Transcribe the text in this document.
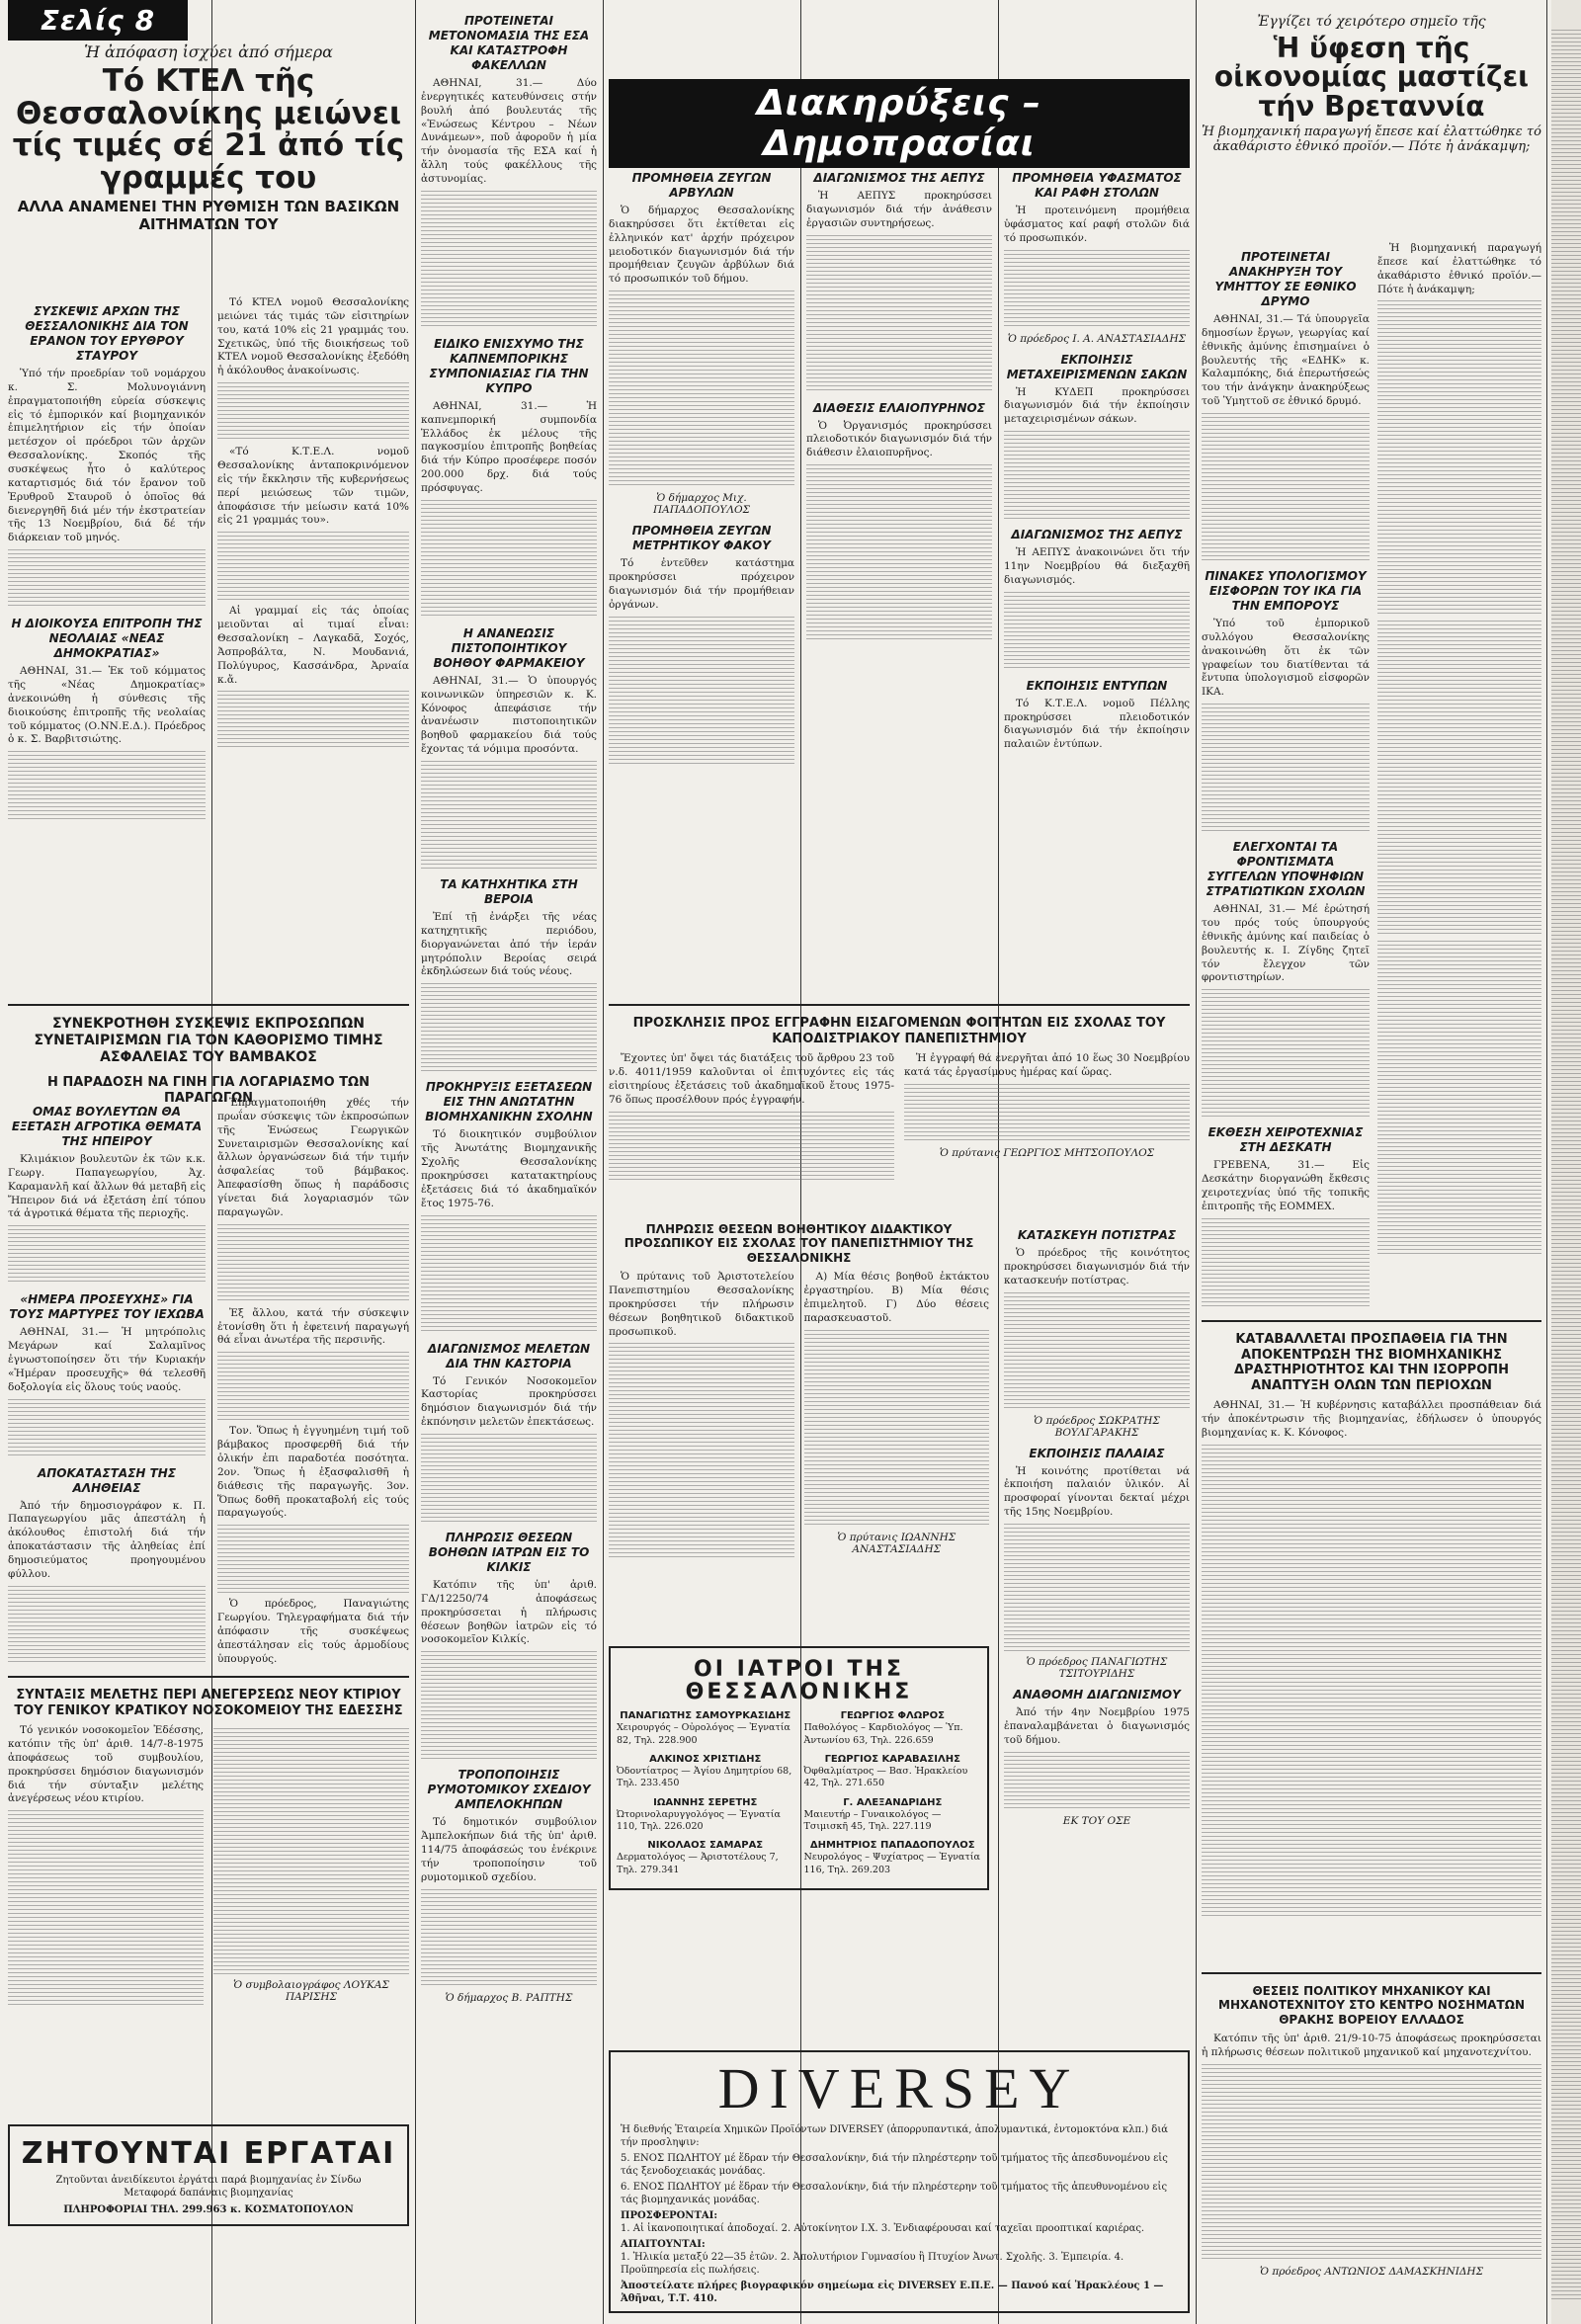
Σελίς 8
Ἡ ἀπόφαση ἰσχύει ἀπό σήμερα
Τό ΚΤΕΛ τῆς Θεσσαλονίκης μειώνει τίς τιμές σέ 21 ἀπό τίς γραμμές του
ΑΛΛΑ ΑΝΑΜΕΝΕΙ ΤΗΝ ΡΥΘΜΙΣΗ ΤΩΝ ΒΑΣΙΚΩΝ ΑΙΤΗΜΑΤΩΝ ΤΟΥ
ΣΥΣΚΕΨΙΣ ΑΡΧΩΝ ΤΗΣ ΘΕΣΣΑΛΟΝΙΚΗΣ ΔΙΑ ΤΟΝ ΕΡΑΝΟΝ ΤΟΥ ΕΡΥΘΡΟΥ ΣΤΑΥΡΟΥ

Ὑπό τήν προεδρίαν τοῦ νομάρχου κ. Σ. Μολυνογιάννη ἐπραγματοποιήθη εὐρεία σύσκεψις εἰς τό ἐμπορικόν καί βιομηχανικόν ἐπιμελητήριον εἰς τήν ὁποίαν μετέσχον οἱ πρόεδροι τῶν ἀρχῶν Θεσσαλονίκης. Σκοπός τῆς συσκέψεως ἦτο ὁ καλύτερος καταρτισμός διά τόν ἔρανον τοῦ Ἐρυθροῦ Σταυροῦ ὁ ὁποῖος θά διενεργηθῆ διά μέν τήν ἐκστρατείαν τῆς 13 Νοεμβρίου, διά δέ τήν διάρκειαν τοῦ μηνός.

Η ΔΙΟΙΚΟΥΣΑ ΕΠΙΤΡΟΠΗ ΤΗΣ ΝΕΟΛΑΙΑΣ «ΝΕΑΣ ΔΗΜΟΚΡΑΤΙΑΣ»

ΑΘΗΝΑΙ, 31.— Ἐκ τοῦ κόμματος τῆς «Νέας Δημοκρατίας» ἀνεκοινώθη ἡ σύνθεσις τῆς διοικούσης ἐπιτροπῆς τῆς νεολαίας τοῦ κόμματος (Ο.ΝΝ.Ε.Δ.). Πρόεδρος ὁ κ. Σ. Βαρβιτσιώτης.

Τό ΚΤΕΛ νομοῦ Θεσσαλονίκης μειώνει τάς τιμάς τῶν εἰσιτηρίων του, κατά 10% εἰς 21 γραμμάς του. Σχετικῶς, ὑπό τῆς διοικήσεως τοῦ ΚΤΕΛ νομοῦ Θεσσαλονίκης ἐξεδόθη ἡ ἀκόλουθος ἀνακοίνωσις.

«Τό Κ.Τ.Ε.Λ. νομοῦ Θεσσαλονίκης ἀνταποκρινόμενον εἰς τήν ἔκκλησιν τῆς κυβερνήσεως περί μειώσεως τῶν τιμῶν, ἀποφάσισε τήν μείωσιν κατά 10% εἰς 21 γραμμάς του».

Αἱ γραμμαί εἰς τάς ὁποίας μειοῦνται αἱ τιμαί εἶναι: Θεσσαλονίκη – Λαγκαδᾶ, Σοχός, Ἀσπροβάλτα, Ν. Μουδανιά, Πολύγυρος, Κασσάνδρα, Ἀρναία κ.ἄ.

ΣΥΝΕΚΡΟΤΗΘΗ ΣΥΣΚΕΨΙΣ ΕΚΠΡΟΣΩΠΩΝ ΣΥΝΕΤΑΙΡΙΣΜΩΝ ΓΙΑ ΤΟΝ ΚΑΘΟΡΙΣΜΟ ΤΙΜΗΣ ΑΣΦΑΛΕΙΑΣ ΤΟΥ ΒΑΜΒΑΚΟΣ
Η ΠΑΡΑΔΟΣΗ ΝΑ ΓΙΝΗ ΓΙΑ ΛΟΓΑΡΙΑΣΜΟ ΤΩΝ ΠΑΡΑΓΩΓΩΝ
ΟΜΑΣ ΒΟΥΛΕΥΤΩΝ ΘΑ ΕΞΕΤΑΣΗ ΑΓΡΟΤΙΚΑ ΘΕΜΑΤΑ ΤΗΣ ΗΠΕΙΡΟΥ

Κλιμάκιον βουλευτῶν ἐκ τῶν κ.κ. Γεωργ. Παπαγεωργίου, Ἀχ. Καραμανλῆ καί ἄλλων θά μεταβῆ εἰς Ἤπειρον διά νά ἐξετάση ἐπί τόπου τά ἀγροτικά θέματα τῆς περιοχῆς.

«ΗΜΕΡΑ ΠΡΟΣΕΥΧΗΣ» ΓΙΑ ΤΟΥΣ ΜΑΡΤΥΡΕΣ ΤΟΥ ΙΕΧΩΒΑ

ΑΘΗΝΑΙ, 31.— Ἡ μητρόπολις Μεγάρων καί Σαλαμῖνος ἐγνωστοποίησεν ὅτι τήν Κυριακήν «Ἡμέραν προσευχῆς» θά τελεσθῆ δοξολογία εἰς ὅλους τούς ναούς.

ΑΠΟΚΑΤΑΣΤΑΣΗ ΤΗΣ ΑΛΗΘΕΙΑΣ

Ἀπό τήν δημοσιογράφον κ. Π. Παπαγεωργίου μᾶς ἀπεστάλη ἡ ἀκόλουθος ἐπιστολή διά τήν ἀποκατάστασιν τῆς ἀληθείας ἐπί δημοσιεύματος προηγουμένου φύλλου.

Ἐπραγματοποιήθη χθές τήν πρωΐαν σύσκεψις τῶν ἐκπροσώπων τῆς Ἑνώσεως Γεωργικῶν Συνεταιρισμῶν Θεσσαλονίκης καί ἄλλων ὀργανώσεων διά τήν τιμήν ἀσφαλείας τοῦ βάμβακος. Ἀπεφασίσθη ὅπως ἡ παράδοσις γίνεται διά λογαριασμόν τῶν παραγωγῶν.

Ἐξ ἄλλου, κατά τήν σύσκεψιν ἐτονίσθη ὅτι ἡ ἐφετεινή παραγωγή θά εἶναι ἀνωτέρα τῆς περσινῆς.

Τον. Ὅπως ἡ ἐγγυημένη τιμή τοῦ βάμβακος προσφερθῆ διά τήν ὁλικήν ἐπι παραδοτέα ποσότητα. 2ον. Ὅπως ἡ ἐξασφαλισθῆ ἡ διάθεσις τῆς παραγωγῆς. 3ον. Ὅπως δοθῆ προκαταβολή εἰς τούς παραγωγούς.

Ὁ πρόεδρος, Παναγιώτης Γεωργίου. Τηλεγραφήματα διά τήν ἀπόφασιν τῆς συσκέψεως ἀπεστάλησαν εἰς τούς ἁρμοδίους ὑπουργούς.

ΣΥΝΤΑΞΙΣ ΜΕΛΕΤΗΣ ΠΕΡΙ ΑΝΕΓΕΡΣΕΩΣ ΝΕΟΥ ΚΤΙΡΙΟΥ ΤΟΥ ΓΕΝΙΚΟΥ ΚΡΑΤΙΚΟΥ ΝΟΣΟΚΟΜΕΙΟΥ ΤΗΣ ΕΔΕΣΣΗΣ

Τό γενικόν νοσοκομεῖον Ἐδέσσης, κατόπιν τῆς ὑπ' ἀριθ. 14/7-8-1975 ἀποφάσεως τοῦ συμβουλίου, προκηρύσσει δημόσιον διαγωνισμόν διά τήν σύνταξιν μελέτης ἀνεγέρσεως νέου κτιρίου.

Ὁ συμβολαιογράφος ΛΟΥΚΑΣ ΠΑΡΙΣΗΣ
ΖΗΤΟΥΝΤΑΙ ΕΡΓΑΤΑΙ
Ζητοῦνται ἀνειδίκευτοι ἐργάται παρά βιομηχανίας ἐν Σίνδω
Μεταφορά δαπάναις βιομηχανίας
ΠΛΗΡΟΦΟΡΙΑΙ ΤΗΛ. 299.963 κ. ΚΟΣΜΑΤΟΠΟΥΛΟΝ
ΠΡΟΤΕΙΝΕΤΑΙ ΜΕΤΟΝΟΜΑΣΙΑ ΤΗΣ ΕΣΑ ΚΑΙ ΚΑΤΑΣΤΡΟΦΗ ΦΑΚΕΛΛΩΝ

ΑΘΗΝΑΙ, 31.— Δύο ἐνεργητικές κατευθύνσεις στήν βουλή ἀπό βουλευτάς τῆς «Ἑνώσεως Κέντρου – Νέων Δυνάμεων», ποῦ ἀφοροῦν ἡ μία τήν ὀνομασία τῆς ΕΣΑ καί ἡ ἄλλη τούς φακέλλους τῆς ἀστυνομίας.

ΕΙΔΙΚΟ ΕΝΙΣΧΥΜΟ ΤΗΣ ΚΑΠΝΕΜΠΟΡΙΚΗΣ ΣΥΜΠΟΝΙΑΣΙΑΣ ΓΙΑ ΤΗΝ ΚΥΠΡΟ

ΑΘΗΝΑΙ, 31.— Ἡ καπνεμπορική συμπονδία Ἑλλάδος ἐκ μέλους τῆς παγκοσμίου ἐπιτροπῆς βοηθείας διά τήν Κύπρο προσέφερε ποσόν 200.000 δρχ. διά τούς πρόσφυγας.

Η ΑΝΑΝΕΩΣΙΣ ΠΙΣΤΟΠΟΙΗΤΙΚΟΥ ΒΟΗΘΟΥ ΦΑΡΜΑΚΕΙΟΥ

ΑΘΗΝΑΙ, 31.— Ὁ ὑπουργός κοινωνικῶν ὑπηρεσιῶν κ. Κ. Κόνοφος ἀπεφάσισε τήν ἀνανέωσιν πιστοποιητικῶν βοηθοῦ φαρμακείου διά τούς ἔχοντας τά νόμιμα προσόντα.

ΤΑ ΚΑΤΗΧΗΤΙΚΑ ΣΤΗ ΒΕΡΟΙΑ

Ἐπί τῇ ἐνάρξει τῆς νέας κατηχητικῆς περιόδου, διοργανώνεται ἀπό τήν ἱεράν μητρόπολιν Βεροίας σειρά ἐκδηλώσεων διά τούς νέους.

ΠΡΟΚΗΡΥΞΙΣ ΕΞΕΤΑΣΕΩΝ ΕΙΣ ΤΗΝ ΑΝΩΤΑΤΗΝ ΒΙΟΜΗΧΑΝΙΚΗΝ ΣΧΟΛΗΝ

Τό διοικητικόν συμβούλιον τῆς Ἀνωτάτης Βιομηχανικῆς Σχολῆς Θεσσαλονίκης προκηρύσσει κατατακτηρίους ἐξετάσεις διά τό ἀκαδημαϊκόν ἔτος 1975-76.

ΔΙΑΓΩΝΙΣΜΟΣ ΜΕΛΕΤΩΝ ΔΙΑ ΤΗΝ ΚΑΣΤΟΡΙΑ

Τό Γενικόν Νοσοκομεῖον Καστορίας προκηρύσσει δημόσιον διαγωνισμόν διά τήν ἐκπόνησιν μελετῶν ἐπεκτάσεως.

ΠΛΗΡΩΣΙΣ ΘΕΣΕΩΝ ΒΟΗΘΩΝ ΙΑΤΡΩΝ ΕΙΣ ΤΟ ΚΙΛΚΙΣ

Κατόπιν τῆς ὑπ' ἀριθ. ΓΔ/12250/74 ἀποφάσεως προκηρύσσεται ἡ πλήρωσις θέσεων βοηθῶν ἰατρῶν εἰς τό νοσοκομεῖον Κιλκίς.

ΤΡΟΠΟΠΟΙΗΣΙΣ ΡΥΜΟΤΟΜΙΚΟΥ ΣΧΕΔΙΟΥ ΑΜΠΕΛΟΚΗΠΩΝ

Τό δημοτικόν συμβούλιον Ἀμπελοκήπων διά τῆς ὑπ' ἀριθ. 114/75 ἀποφάσεώς του ἐνέκρινε τήν τροποποίησιν τοῦ ρυμοτομικοῦ σχεδίου.

Ὁ δήμαρχος Β. ΡΑΠΤΗΣ
Διακηρύξεις – Δημοπρασίαι
ΠΡΟΜΗΘΕΙΑ ΖΕΥΓΩΝ ΑΡΒΥΛΩΝ

Ὁ δήμαρχος Θεσσαλονίκης διακηρύσσει ὅτι ἐκτίθεται εἰς ἐλληνικόν κατ' ἀρχήν πρόχειρον μειοδοτικόν διαγωνισμόν διά τήν προμήθειαν ζευγῶν ἀρβύλων διά τό προσωπικόν τοῦ δήμου.

Ὁ δήμαρχος Μιχ. ΠΑΠΑΔΟΠΟΥΛΟΣ
ΠΡΟΜΗΘΕΙΑ ΖΕΥΓΩΝ ΜΕΤΡΗΤΙΚΟΥ ΦΑΚΟΥ

Τό ἐντεῦθεν κατάστημα προκηρύσσει πρόχειρον διαγωνισμόν διά τήν προμήθειαν ὀργάνων.

ΔΙΑΓΩΝΙΣΜΟΣ ΤΗΣ ΑΕΠΥΣ

Ἡ ΑΕΠΥΣ προκηρύσσει διαγωνισμόν διά τήν ἀνάθεσιν ἐργασιῶν συντηρήσεως.

ΔΙΑΘΕΣΙΣ ΕΛΑΙΟΠΥΡΗΝΟΣ

Ὁ Ὀργανισμός προκηρύσσει πλειοδοτικόν διαγωνισμόν διά τήν διάθεσιν ἐλαιοπυρῆνος.

ΠΡΟΜΗΘΕΙΑ ΥΦΑΣΜΑΤΟΣ ΚΑΙ ΡΑΦΗ ΣΤΟΛΩΝ

Ἡ προτεινόμενη προμήθεια ὑφάσματος καί ραφή στολῶν διά τό προσωπικόν.

Ὁ πρόεδρος Ι. Α. ΑΝΑΣΤΑΣΙΑΔΗΣ
ΕΚΠΟΙΗΣΙΣ ΜΕΤΑΧΕΙΡΙΣΜΕΝΩΝ ΣΑΚΩΝ

Ἡ ΚΥΔΕΠ προκηρύσσει διαγωνισμόν διά τήν ἐκποίησιν μεταχειρισμένων σάκων.

ΔΙΑΓΩΝΙΣΜΟΣ ΤΗΣ ΑΕΠΥΣ

Ἡ ΑΕΠΥΣ ἀνακοινώνει ὅτι τήν 11ην Νοεμβρίου θά διεξαχθῆ διαγωνισμός.

ΕΚΠΟΙΗΣΙΣ ΕΝΤΥΠΩΝ

Τό Κ.Τ.Ε.Λ. νομοῦ Πέλλης προκηρύσσει πλειοδοτικόν διαγωνισμόν διά τήν ἐκποίησιν παλαιῶν ἐντύπων.

ΠΡΟΣΚΛΗΣΙΣ ΠΡΟΣ ΕΓΓΡΑΦΗΝ ΕΙΣΑΓΟΜΕΝΩΝ ΦΟΙΤΗΤΩΝ ΕΙΣ ΣΧΟΛΑΣ ΤΟΥ ΚΑΠΟΔΙΣΤΡΙΑΚΟΥ ΠΑΝΕΠΙΣΤΗΜΙΟΥ

Ἔχοντες ὑπ' ὄψει τάς διατάξεις τοῦ ἄρθρου 23 τοῦ ν.δ. 4011/1959 καλοῦνται οἱ ἐπιτυχόντες εἰς τάς εἰσιτηρίους ἐξετάσεις τοῦ ἀκαδημαϊκοῦ ἔτους 1975-76 ὅπως προσέλθουν πρός ἐγγραφήν.

Ἡ ἐγγραφή θά ἐνεργῆται ἀπό 10 ἕως 30 Νοεμβρίου κατά τάς ἐργασίμους ἡμέρας καί ὥρας.

Ὁ πρύτανις ΓΕΩΡΓΙΟΣ ΜΗΤΣΟΠΟΥΛΟΣ
ΠΛΗΡΩΣΙΣ ΘΕΣΕΩΝ ΒΟΗΘΗΤΙΚΟΥ ΔΙΔΑΚΤΙΚΟΥ ΠΡΟΣΩΠΙΚΟΥ ΕΙΣ ΣΧΟΛΑΣ ΤΟΥ ΠΑΝΕΠΙΣΤΗΜΙΟΥ ΤΗΣ ΘΕΣΣΑΛΟΝΙΚΗΣ

Ὁ πρύτανις τοῦ Ἀριστοτελείου Πανεπιστημίου Θεσσαλονίκης προκηρύσσει τήν πλήρωσιν θέσεων βοηθητικοῦ διδακτικοῦ προσωπικοῦ.

Α) Μία θέσις βοηθοῦ ἐκτάκτου ἐργαστηρίου. Β) Μία θέσις ἐπιμελητοῦ. Γ) Δύο θέσεις παρασκευαστοῦ.

Ὁ πρύτανις ΙΩΑΝΝΗΣ ΑΝΑΣΤΑΣΙΑΔΗΣ
ΚΑΤΑΣΚΕΥΗ ΠΟΤΙΣΤΡΑΣ

Ὁ πρόεδρος τῆς κοινότητος προκηρύσσει διαγωνισμόν διά τήν κατασκευήν ποτίστρας.

Ὁ πρόεδρος ΣΩΚΡΑΤΗΣ ΒΟΥΛΓΑΡΑΚΗΣ
ΕΚΠΟΙΗΣΙΣ ΠΑΛΑΙΑΣ

Ἡ κοινότης προτίθεται νά ἐκποιήση παλαιόν ὑλικόν. Αἱ προσφοραί γίνονται δεκταί μέχρι τῆς 15ης Νοεμβρίου.

Ὁ πρόεδρος ΠΑΝΑΓΙΩΤΗΣ ΤΣΙΤΟΥΡΙΔΗΣ
ΑΝΑΘΟΜΗ ΔΙΑΓΩΝΙΣΜΟΥ

Ἀπό τήν 4ην Νοεμβρίου 1975 ἐπαναλαμβάνεται ὁ διαγωνισμός τοῦ δήμου.

ΕΚ ΤΟΥ ΟΣΕ
ΟΙ ΙΑΤΡΟΙ ΤΗΣ ΘΕΣΣΑΛΟΝΙΚΗΣ
ΠΑΝΑΓΙΩΤΗΣ ΣΑΜΟΥΡΚΑΣΙΔΗΣ
Χειρουργός – Οὐρολόγος — Ἐγνατία 82, Τηλ. 228.900
ΑΛΚΙΝΟΣ ΧΡΙΣΤΙΔΗΣ
Ὀδοντίατρος — Ἀγίου Δημητρίου 68, Τηλ. 233.450
ΙΩΑΝΝΗΣ ΣΕΡΕΤΗΣ
Ὠτορινολαρυγγολόγος — Ἐγνατία 110, Τηλ. 226.020
ΝΙΚΟΛΑΟΣ ΣΑΜΑΡΑΣ
Δερματολόγος — Ἀριστοτέλους 7, Τηλ. 279.341
ΓΕΩΡΓΙΟΣ ΦΛΩΡΟΣ
Παθολόγος – Καρδιολόγος — Ὑπ. Ἀντωνίου 63, Τηλ. 226.659
ΓΕΩΡΓΙΟΣ ΚΑΡΑΒΑΣΙΛΗΣ
Ὀφθαλμίατρος — Βασ. Ἡρακλείου 42, Τηλ. 271.650
Γ. ΑΛΕΞΑΝΔΡΙΔΗΣ
Μαιευτήρ – Γυναικολόγος — Τσιμισκῆ 45, Τηλ. 227.119
ΔΗΜΗΤΡΙΟΣ ΠΑΠΑΔΟΠΟΥΛΟΣ
Νευρολόγος – Ψυχίατρος — Ἐγνατία 116, Τηλ. 269.203
DIVERSEY
Ἡ διεθνής Ἑταιρεία Χημικῶν Προϊόντων DIVERSEY (ἀπορρυπαντικά, ἀπολυμαντικά, ἐντομοκτόνα κλπ.) διά τήν προσληψιν:
5. ΕΝΟΣ ΠΩΛΗΤΟΥ μέ ἕδραν τήν Θεσσαλονίκην, διά τήν πληρέστερην τοῦ τμήματος τῆς ἀπεσδυνομένου εἰς τάς ξενοδοχειακάς μονάδας.
6. ΕΝΟΣ ΠΩΛΗΤΟΥ μέ ἕδραν τήν Θεσσαλονίκην, διά τήν πληρέστερην τοῦ τμήματος τῆς ἀπευθυνομένου εἰς τάς βιομηχανικάς μονάδας.
ΠΡΟΣΦΕΡΟΝΤΑΙ:
1. Αἱ ἱκανοποιητικαί ἀποδοχαί. 2. Αὐτοκίνητον Ι.Χ. 3. Ἐνδιαφέρουσαι καί ταχεῖαι προοπτικαί καριέρας.
ΑΠΑΙΤΟΥΝΤΑΙ:
1. Ἡλικία μεταξύ 22—35 ἐτῶν. 2. Ἀπολυτήριον Γυμνασίου ἢ Πτυχίον Ἀνωτ. Σχολῆς. 3. Ἐμπειρία. 4. Προϋπηρεσία εἰς πωλήσεις.
Ἀποστείλατε πλήρες βιογραφικόν σημείωμα εἰς DIVERSEY Ε.Π.Ε. — Πανού καί Ἡρακλέους 1 — Ἀθῆναι, Τ.Τ. 410.
Ἐγγίζει τό χειρότερο σημεῖο τῆς
Ἡ ὕφεση τῆς οἰκονομίας μαστίζει τήν Βρεταννία
Ἡ βιομηχανική παραγωγή ἔπεσε καί ἐλαττώθηκε τό ἀκαθάριστο ἐθνικό προϊόν.— Πότε ἡ ἀνάκαμψη;
ΠΡΟΤΕΙΝΕΤΑΙ ΑΝΑΚΗΡΥΞΗ ΤΟΥ ΥΜΗΤΤΟΥ ΣΕ ΕΘΝΙΚΟ ΔΡΥΜΟ

ΑΘΗΝΑΙ, 31.— Τά ὑπουργεῖα δημοσίων ἔργων, γεωργίας καί ἐθνικῆς ἀμύνης ἐπισημαίνει ὁ βουλευτής τῆς «ΕΔΗΚ» κ. Καλαμπόκης, διά ἐπερωτήσεώς του τήν ἀνάγκην ἀνακηρύξεως τοῦ Ὑμηττοῦ σε ἐθνικό δρυμό.

ΠΙΝΑΚΕΣ ΥΠΟΛΟΓΙΣΜΟΥ ΕΙΣΦΟΡΩΝ ΤΟΥ ΙΚΑ ΓΙΑ ΤΗΝ ΕΜΠΟΡΟΥΣ

Ὑπό τοῦ ἐμπορικοῦ συλλόγου Θεσσαλονίκης ἀνακοινώθη ὅτι ἐκ τῶν γραφείων του διατίθενται τά ἔντυπα ὑπολογισμοῦ εἰσφορῶν ΙΚΑ.

ΕΛΕΓΧΟΝΤΑΙ ΤΑ ΦΡΟΝΤΙΣΜΑΤΑ ΣΥΓΓΕΛΩΝ ΥΠΟΨΗΦΙΩΝ ΣΤΡΑΤΙΩΤΙΚΩΝ ΣΧΟΛΩΝ

ΑΘΗΝΑΙ, 31.— Μέ ἐρώτησή του πρός τούς ὑπουργούς ἐθνικῆς ἀμύνης καί παιδείας ὁ βουλευτής κ. Ι. Ζίγδης ζητεῖ τόν ἔλεγχον τῶν φροντιστηρίων.

ΕΚΘΕΣΗ ΧΕΙΡΟΤΕΧΝΙΑΣ ΣΤΗ ΔΕΣΚΑΤΗ

ΓΡΕΒΕΝΑ, 31.— Εἰς Δεσκάτην διοργανώθη ἔκθεσις χειροτεχνίας ὑπό τῆς τοπικῆς ἐπιτροπῆς τῆς ΕΟΜΜΕΧ.

Ἡ βιομηχανική παραγωγή ἔπεσε καί ἐλαττώθηκε τό ἀκαθάριστο ἐθνικό προϊόν.— Πότε ἡ ἀνάκαμψη;

ΚΑΤΑΒΑΛΛΕΤΑΙ ΠΡΟΣΠΑΘΕΙΑ ΓΙΑ ΤΗΝ ΑΠΟΚΕΝΤΡΩΣΗ ΤΗΣ ΒΙΟΜΗΧΑΝΙΚΗΣ ΔΡΑΣΤΗΡΙΟΤΗΤΟΣ ΚΑΙ ΤΗΝ ΙΣΟΡΡΟΠΗ ΑΝΑΠΤΥΞΗ ΟΛΩΝ ΤΩΝ ΠΕΡΙΟΧΩΝ

ΑΘΗΝΑΙ, 31.— Ἡ κυβέρνησις καταβάλλει προσπάθειαν διά τήν ἀποκέντρωσιν τῆς βιομηχανίας, ἐδήλωσεν ὁ ὑπουργός βιομηχανίας κ. Κ. Κόνοφος.

ΘΕΣΕΙΣ ΠΟΛΙΤΙΚΟΥ ΜΗΧΑΝΙΚΟΥ ΚΑΙ ΜΗΧΑΝΟΤΕΧΝΙΤΟΥ ΣΤΟ ΚΕΝΤΡΟ ΝΟΣΗΜΑΤΩΝ ΘΡΑΚΗΣ ΒΟΡΕΙΟΥ ΕΛΛΑΔΟΣ

Κατόπιν τῆς ὑπ' ἀριθ. 21/9-10-75 ἀποφάσεως προκηρύσσεται ἡ πλήρωσις θέσεων πολιτικοῦ μηχανικοῦ καί μηχανοτεχνίτου.

Ὁ πρόεδρος ΑΝΤΩΝΙΟΣ ΔΑΜΑΣΚΗΝΙΔΗΣ
